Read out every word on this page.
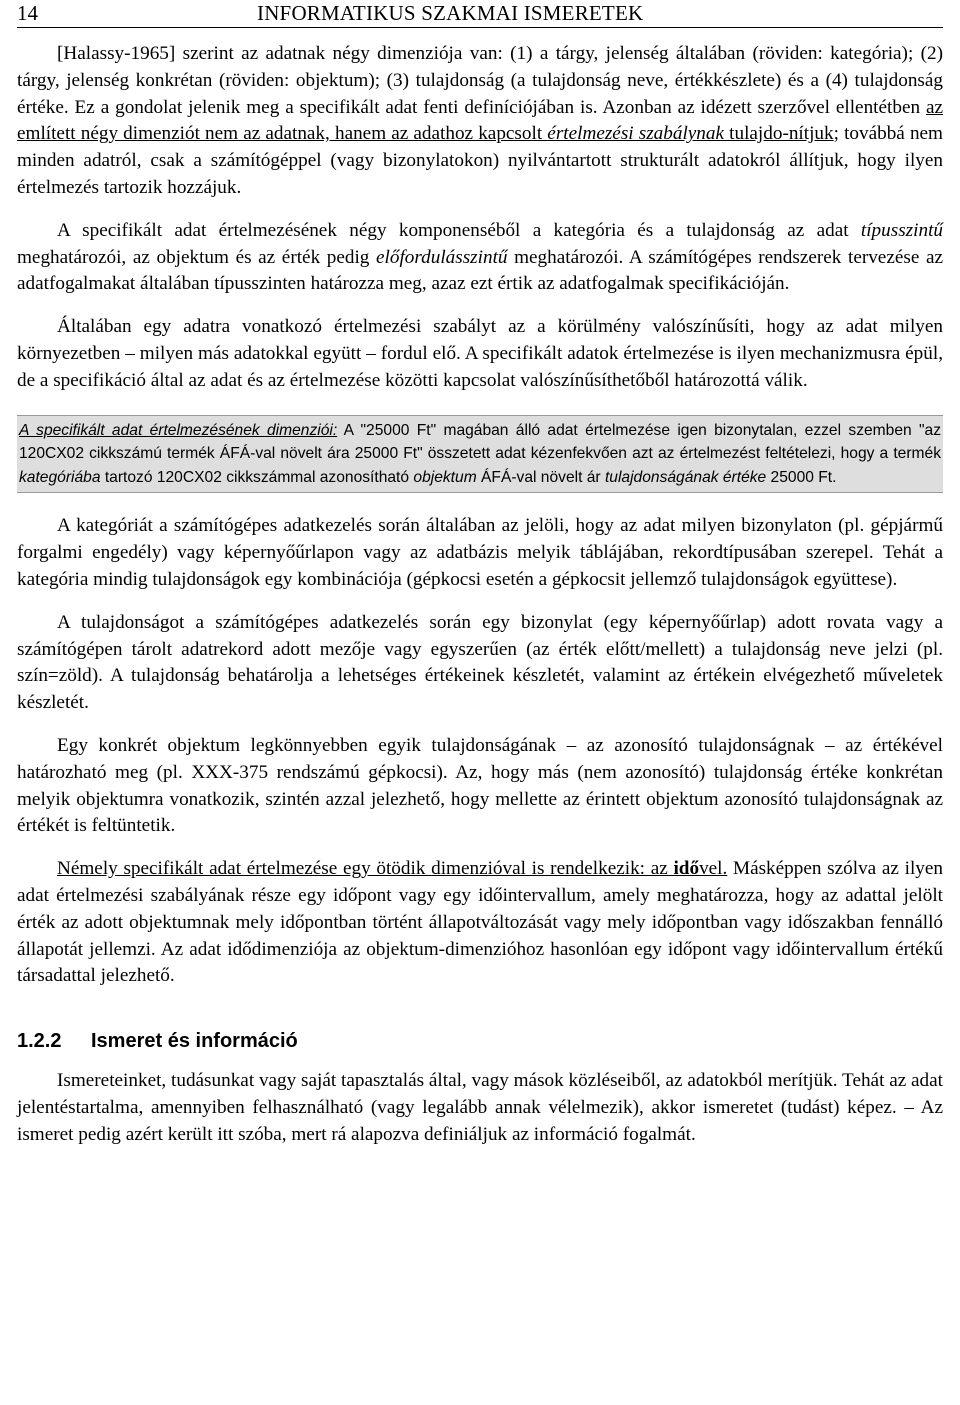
14	INFORMATIKUS SZAKMAI ISMERETEK

[Halassy-1965] szerint az adatnak négy dimenziója van: (1) a tárgy, jelenség általában (röviden: kategória); (2) tárgy, jelenség konkrétan (röviden: objektum); (3) tulajdonság (a tulajdonság neve, értékkészlete) és a (4) tulajdonság értéke. Ez a gondolat jelenik meg a specifikált adat fenti definíciójában is. Azonban az idézett szerzővel ellentétben az említett négy dimenziót nem az adatnak, hanem az adathoz kapcsolt értelmezési szabálynak tulajdo-nítjuk; továbbá nem minden adatról, csak a számítógéppel (vagy bizonylatokon) nyilvántartott strukturált adatokról állítjuk, hogy ilyen értelmezés tartozik hozzájuk.

A specifikált adat értelmezésének négy komponenséből a kategória és a tulajdonság az adat típusszintű meghatározói, az objektum és az érték pedig előfordulásszintű meghatározói. A számítógépes rendszerek tervezése az adatfogalmakat általában típusszinten határozza meg, azaz ezt értik az adatfogalmak specifikációján.

Általában egy adatra vonatkozó értelmezési szabályt az a körülmény valószínűsíti, hogy az adat milyen környezetben – milyen más adatokkal együtt – fordul elő. A specifikált adatok értelmezése is ilyen mechanizmusra épül, de a specifikáció által az adat és az értelmezése közötti kapcsolat valószínűsíthetőből határozottá válik.

A specifikált adat értelmezésének dimenziói: A "25000 Ft" magában álló adat értelmezése igen bizonytalan, ezzel szemben "az 120CX02 cikkszámú termék ÁFÁ-val növelt ára 25000 Ft" összetett adat kézenfekvően azt az értelmezést feltételezi, hogy a termék kategóriába tartozó 120CX02 cikkszámmal azonosítható objektum ÁFÁ-val növelt ár tulajdonságának értéke 25000 Ft.

A kategóriát a számítógépes adatkezelés során általában az jelöli, hogy az adat milyen bizonylaton (pl. gépjármű forgalmi engedély) vagy képernyőűrlapon vagy az adatbázis melyik táblájában, rekordtípusában szerepel. Tehát a kategória mindig tulajdonságok egy kombinációja (gépkocsi esetén a gépkocsit jellemző tulajdonságok együttese).

A tulajdonságot a számítógépes adatkezelés során egy bizonylat (egy képernyőűrlap) adott rovata vagy a számítógépen tárolt adatrekord adott mezője vagy egyszerűen (az érték előtt/mellett) a tulajdonság neve jelzi (pl. szín=zöld). A tulajdonság behatárolja a lehetséges értékeinek készletét, valamint az értékein elvégezhető műveletek készletét.

Egy konkrét objektum legkönnyebben egyik tulajdonságának – az azonosító tulajdonságnak – az értékével határozható meg (pl. XXX-375 rendszámú gépkocsi). Az, hogy más (nem azonosító) tulajdonság értéke konkrétan melyik objektumra vonatkozik, szintén azzal jelezhető, hogy mellette az érintett objektum azonosító tulajdonságnak az értékét is feltüntetik.

Némely specifikált adat értelmezése egy ötödik dimenzióval is rendelkezik: az idővel. Másképpen szólva az ilyen adat értelmezési szabályának része egy időpont vagy egy időintervallum, amely meghatározza, hogy az adattal jelölt érték az adott objektumnak mely időpontban történt állapotváltozását vagy mely időpontban vagy időszakban fennálló állapotát jellemzi. Az adat idődimenziója az objektum-dimenzióhoz hasonlóan egy időpont vagy időintervallum értékű társadattal jelezhető.

1.2.2 Ismeret és információ

Ismereteinket, tudásunkat vagy saját tapasztalás által, vagy mások közléseiből, az adatokból merítjük. Tehát az adat jelentéstartalma, amennyiben felhasználható (vagy legalább annak vélelmezik), akkor ismeretet (tudást) képez. – Az ismeret pedig azért került itt szóba, mert rá alapozva definiáljuk az információ fogalmát.
